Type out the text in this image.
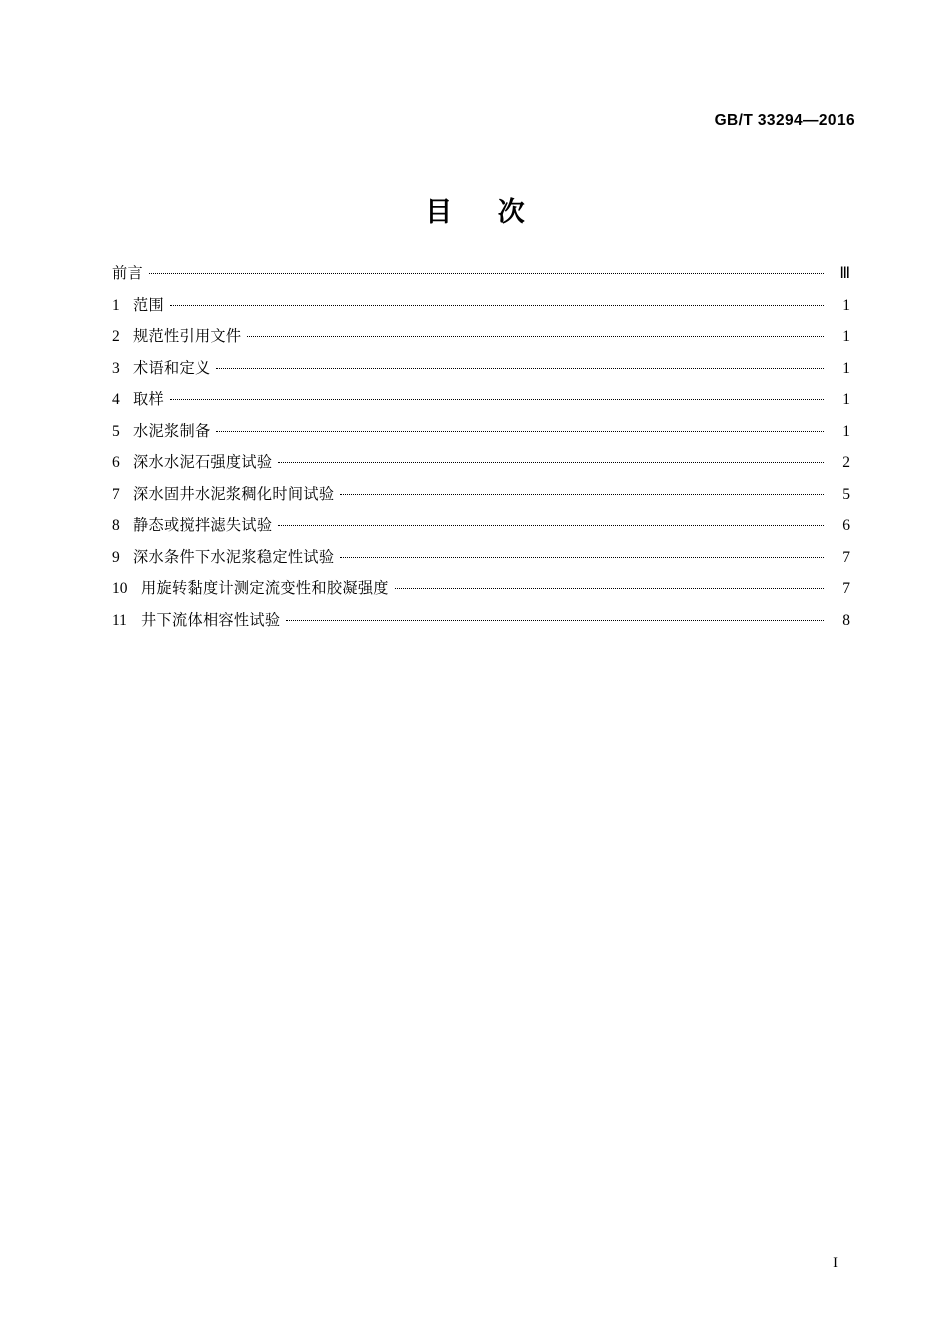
GB/T 33294—2016
目 次
前言	Ⅲ
1 范围	1
2 规范性引用文件	1
3 术语和定义	1
4 取样	1
5 水泥浆制备	1
6 深水水泥石强度试验	2
7 深水固井水泥浆稠化时间试验	5
8 静态或搅拌滤失试验	6
9 深水条件下水泥浆稳定性试验	7
10 用旋转黏度计测定流变性和胶凝强度	7
11 井下流体相容性试验	8
I
